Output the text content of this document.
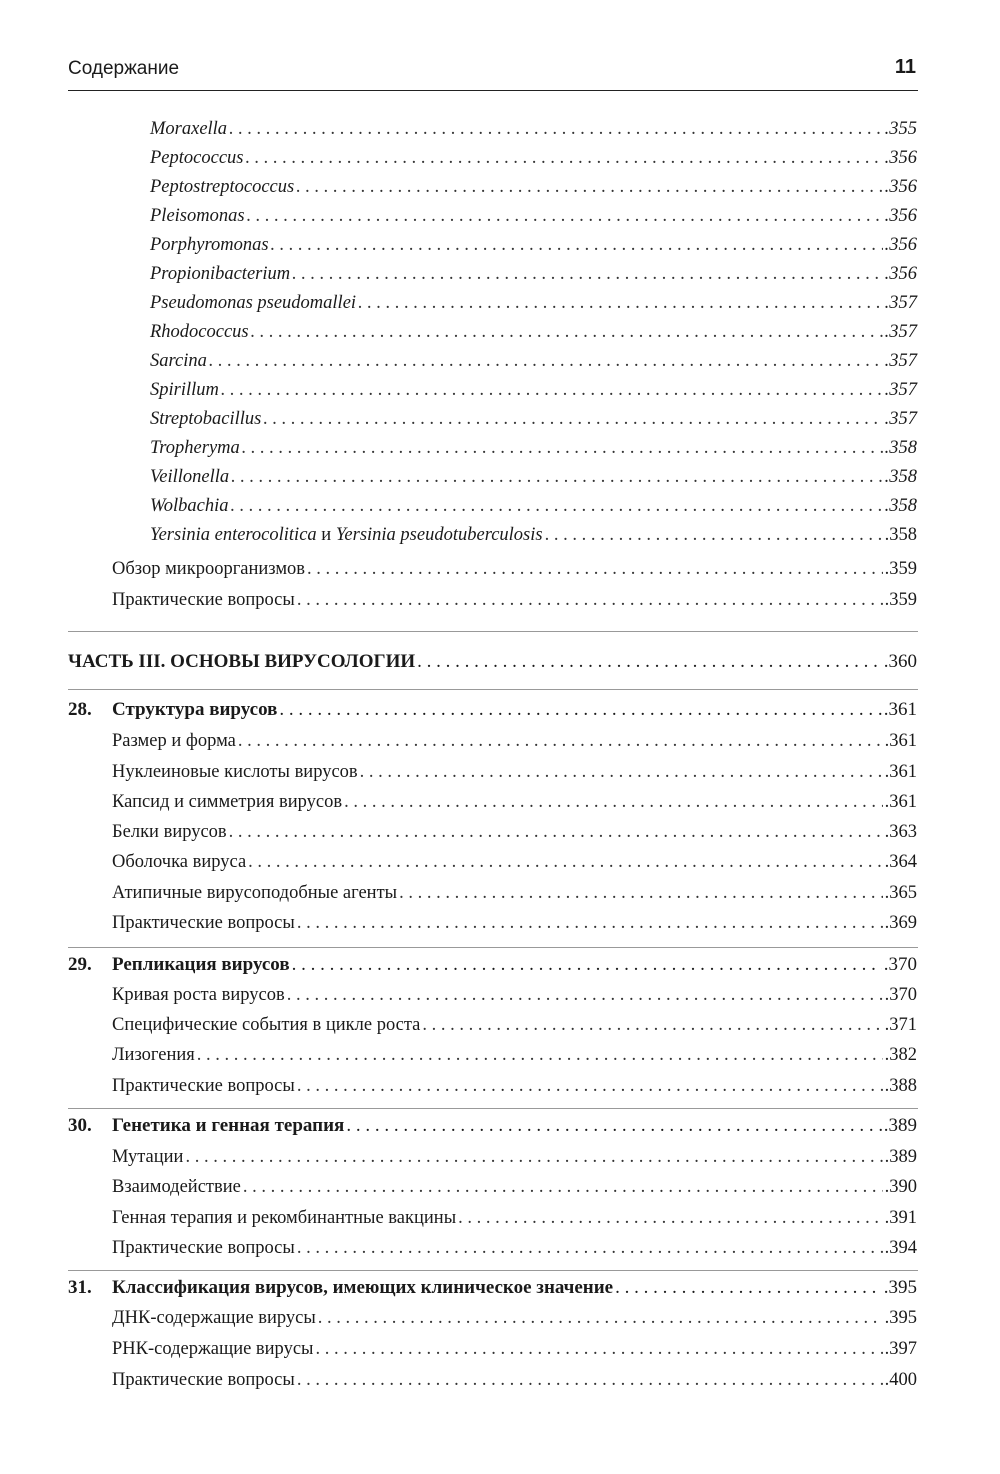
Содержание	11
Moraxella . . .	.355
Peptococcus . . .	.356
Peptostreptococcus . . .	.356
Pleisomonas . . .	.356
Porphyromonas . . .	.356
Propionibacterium . . .	.356
Pseudomonas pseudomallei . . .	.357
Rhodococcus . . .	.357
Sarcina . . .	.357
Spirillum . . .	.357
Streptobacillus . . .	.357
Tropheryma . . .	.358
Veillonella . . .	.358
Wolbachia . . .	.358
Yersinia enterocolitica и Yersinia pseudotuberculosis . . .	.358
Обзор микроорганизмов . . .	.359
Практические вопросы . . .	.359
ЧАСТЬ III. ОСНОВЫ ВИРУСОЛОГИИ . . .	.360
28.	Структура вирусов . . .	.361
Размер и форма . . .	.361
Нуклеиновые кислоты вирусов . . .	.361
Капсид и симметрия вирусов . . .	.361
Белки вирусов . . .	.363
Оболочка вируса . . .	.364
Атипичные вирусоподобные агенты . . .	.365
Практические вопросы . . .	.369
29.	Репликация вирусов . . .	.370
Кривая роста вирусов . . .	.370
Специфические события в цикле роста . . .	.371
Лизогения . . .	.382
Практические вопросы . . .	.388
30.	Генетика и генная терапия . . .	.389
Мутации . . .	.389
Взаимодействие . . .	.390
Генная терапия и рекомбинантные вакцины . . .	.391
Практические вопросы . . .	.394
31.	Классификация вирусов, имеющих клиническое значение . . .	.395
ДНК-содержащие вирусы . . .	.395
РНК-содержащие вирусы . . .	.397
Практические вопросы . . .	.400
